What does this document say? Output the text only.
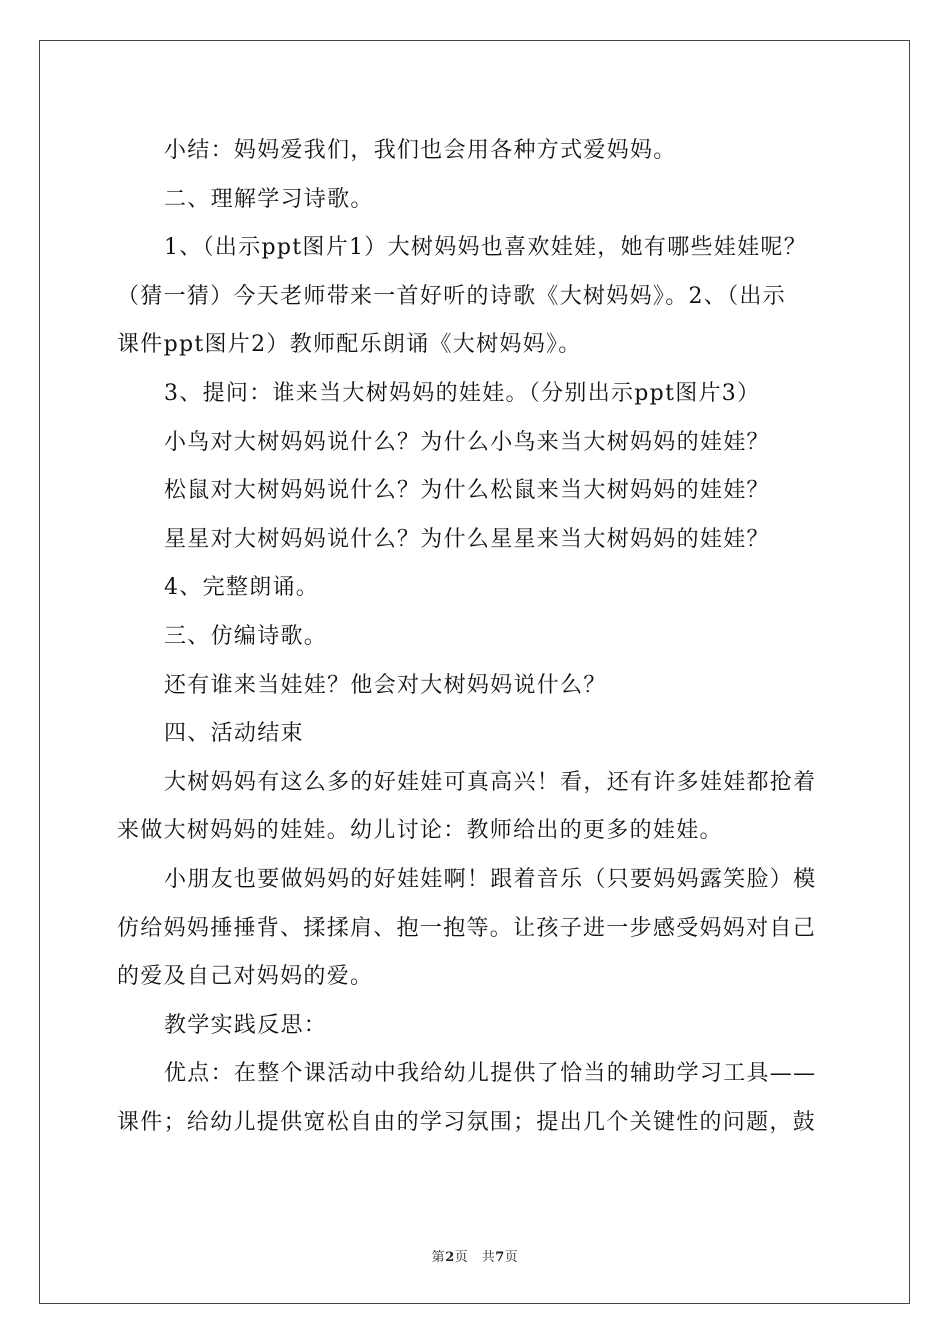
小结：妈妈爱我们，我们也会用各种方式爱妈妈。
二、理解学习诗歌。
1、（出示ppt图片1）大树妈妈也喜欢娃娃，她有哪些娃娃呢？
（猜一猜）今天老师带来一首好听的诗歌《大树妈妈》。2、（出示
课件ppt图片2）教师配乐朗诵《大树妈妈》。
3、提问：谁来当大树妈妈的娃娃。（分别出示ppt图片3）
小鸟对大树妈妈说什么？为什么小鸟来当大树妈妈的娃娃？
松鼠对大树妈妈说什么？为什么松鼠来当大树妈妈的娃娃？
星星对大树妈妈说什么？为什么星星来当大树妈妈的娃娃？
4、完整朗诵。
三、仿编诗歌。
还有谁来当娃娃？他会对大树妈妈说什么？
四、活动结束
大树妈妈有这么多的好娃娃可真高兴！看，还有许多娃娃都抢着
来做大树妈妈的娃娃。幼儿讨论：教师给出的更多的娃娃。
小朋友也要做妈妈的好娃娃啊！跟着音乐（只要妈妈露笑脸）模
仿给妈妈捶捶背、揉揉肩、抱一抱等。让孩子进一步感受妈妈对自己
的爱及自己对妈妈的爱。
教学实践反思：
优点：在整个课活动中我给幼儿提供了恰当的辅助学习工具——
课件；给幼儿提供宽松自由的学习氛围；提出几个关键性的问题，鼓
第2页　共7页
